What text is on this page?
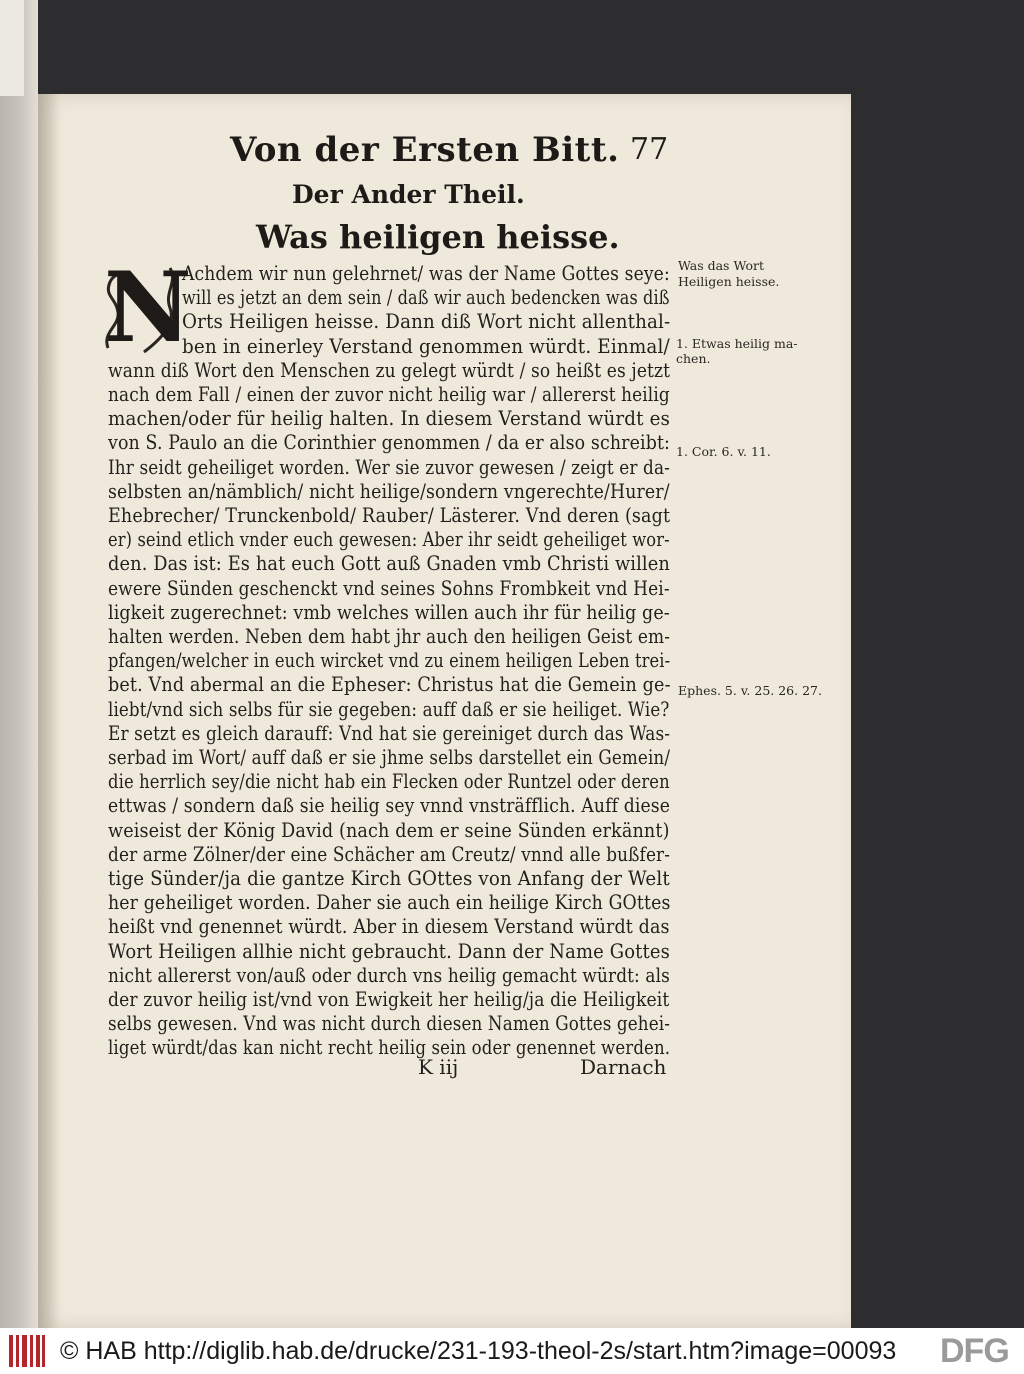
Von der Ersten Bitt. 77
Der Ander Theil.
Was heiligen heisse.
N
Achdem wir nun gelehrnet/ was der Name Gottes seye:
will es jetzt an dem sein / daß wir auch bedencken was diß
Orts Heiligen heisse. Dann diß Wort nicht allenthal-
ben in einerley Verstand genommen würdt. Einmal/
wann diß Wort den Menschen zu gelegt würdt / so heißt es jetzt
nach dem Fall / einen der zuvor nicht heilig war / allererst heilig
machen/oder für heilig halten. In diesem Verstand würdt es
von S. Paulo an die Corinthier genommen / da er also schreibt:
Ihr seidt geheiliget worden. Wer sie zuvor gewesen / zeigt er da-
selbsten an/nämblich/ nicht heilige/sondern vngerechte/Hurer/
Ehebrecher/ Trunckenbold/ Rauber/ Lästerer. Vnd deren (sagt
er) seind etlich vnder euch gewesen: Aber ihr seidt geheiliget wor-
den. Das ist: Es hat euch Gott auß Gnaden vmb Christi willen
ewere Sünden geschenckt vnd seines Sohns Frombkeit vnd Hei-
ligkeit zugerechnet: vmb welches willen auch ihr für heilig ge-
halten werden. Neben dem habt jhr auch den heiligen Geist em-
pfangen/welcher in euch wircket vnd zu einem heiligen Leben trei-
bet. Vnd abermal an die Epheser: Christus hat die Gemein ge-
liebt/vnd sich selbs für sie gegeben: auff daß er sie heiliget. Wie?
Er setzt es gleich darauff: Vnd hat sie gereiniget durch das Was-
serbad im Wort/ auff daß er sie jhme selbs darstellet ein Gemein/
die herrlich sey/die nicht hab ein Flecken oder Runtzel oder deren
ettwas / sondern daß sie heilig sey vnnd vnsträfflich. Auff diese
weiseist der König David (nach dem er seine Sünden erkännt)
der arme Zölner/der eine Schächer am Creutz/ vnnd alle bußfer-
tige Sünder/ja die gantze Kirch GOttes von Anfang der Welt
her geheiliget worden. Daher sie auch ein heilige Kirch GOttes
heißt vnd genennet würdt. Aber in diesem Verstand würdt das
Wort Heiligen allhie nicht gebraucht. Dann der Name Gottes
nicht allererst von/auß oder durch vns heilig gemacht würdt: als
der zuvor heilig ist/vnd von Ewigkeit her heilig/ja die Heiligkeit
selbs gewesen. Vnd was nicht durch diesen Namen Gottes gehei-
liget würdt/das kan nicht recht heilig sein oder genennet werden.
Was das Wort
Heiligen heisse.
1. Etwas heilig ma-
chen.
1. Cor. 6. v. 11.
Ephes. 5. v. 25. 26. 27.
K iij	Darnach
© HAB http://diglib.hab.de/drucke/231-193-theol-2s/start.htm?image=00093 DFG
